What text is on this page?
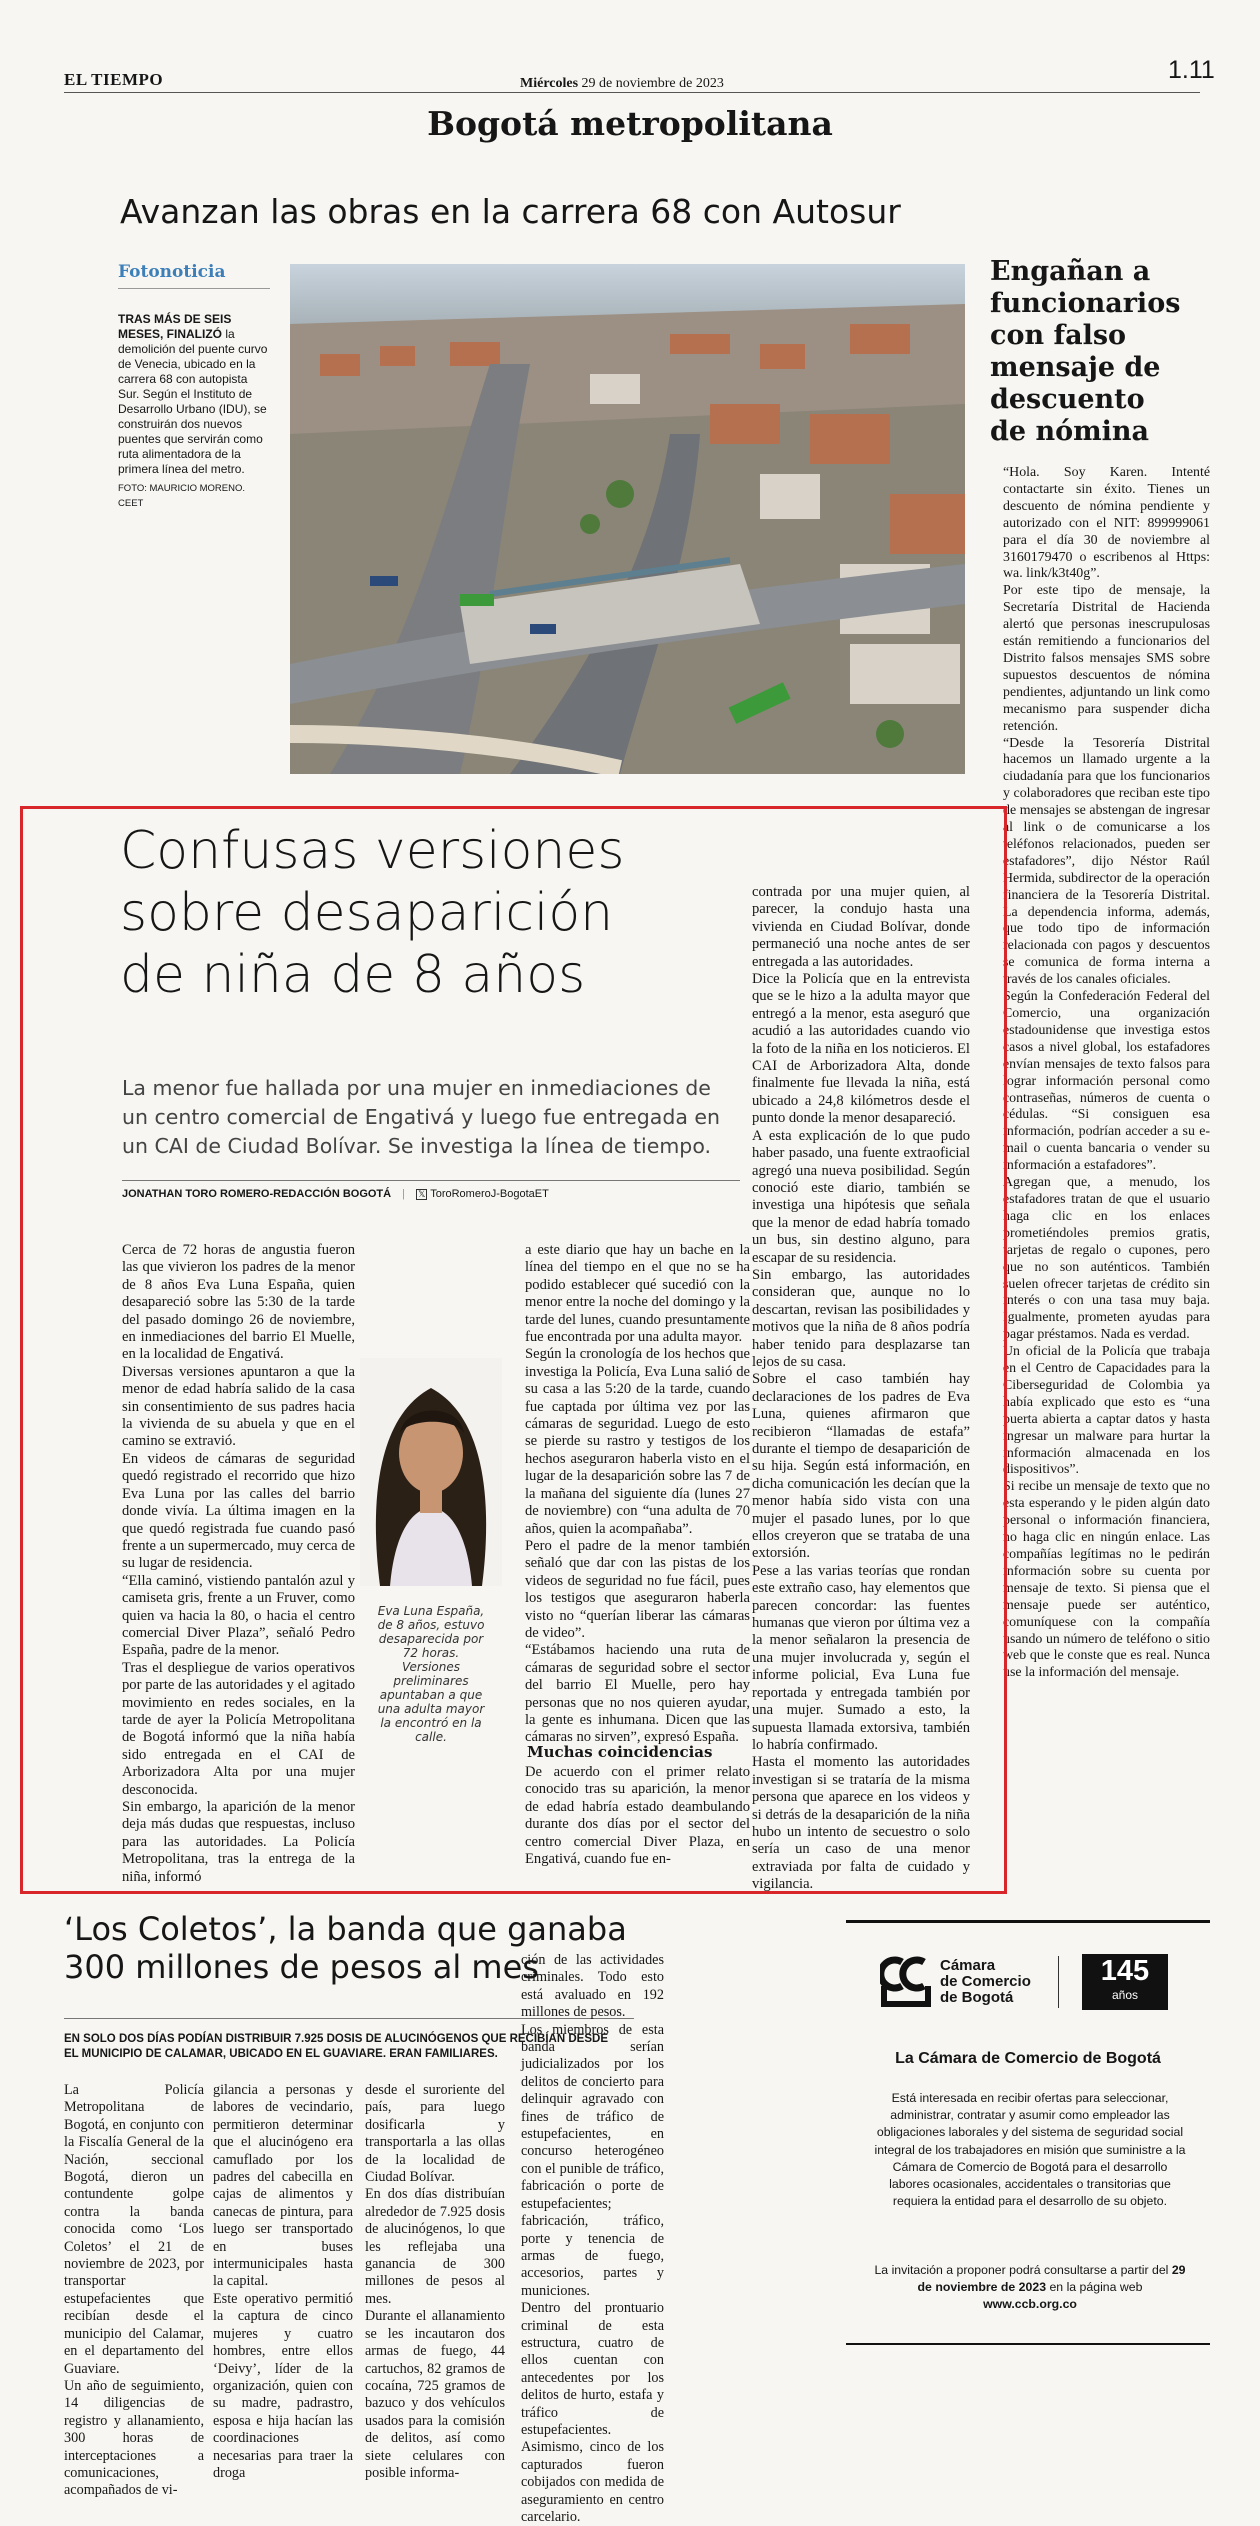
EL TIEMPO	Miércoles 29 de noviembre de 2023	1.11
Bogotá metropolitana
Avanzan las obras en la carrera 68 con Autosur
Fotonoticia
TRAS MÁS DE SEIS MESES, FINALIZÓ la demolición del puente curvo de Venecia, ubicado en la carrera 68 con autopista Sur. Según el Instituto de Desarrollo Urbano (IDU), se construirán dos nuevos puentes que servirán como ruta alimentadora de la primera línea del metro.
FOTO: MAURICIO MORENO. CEET
Engañan a
funcionarios
con falso
mensaje de
descuento
de nómina
“Hola. Soy Karen. Intenté contactarte sin éxito. Tienes un descuento de nómina pendiente y autorizado con el NIT: 899999061 para el día 30 de noviembre al 3160179470 o escribenos al Https: wa. link/k3t40g”.
Por este tipo de mensaje, la Secretaría Distrital de Hacienda alertó que personas inescrupulosas están remitiendo a funcionarios del Distrito falsos mensajes SMS sobre supuestos descuentos de nómina pendientes, adjuntando un link como mecanismo para suspender dicha retención.
“Desde la Tesorería Distrital hacemos un llamado urgente a la ciudadanía para que los funcionarios y colaboradores que reciban este tipo de mensajes se abstengan de ingresar al link o de comunicarse a los teléfonos relacionados, pueden ser estafadores”, dijo Néstor Raúl Hermida, subdirector de la operación financiera de la Tesorería Distrital. La dependencia informa, además, que todo tipo de información relacionada con pagos y descuentos se comunica de forma interna a través de los canales oficiales.
Según la Confederación Federal del Comercio, una organización estadounidense que investiga estos casos a nivel global, los estafadores envían mensajes de texto falsos para lograr información personal como contraseñas, números de cuenta o cédulas. “Si consiguen esa información, podrían acceder a su e-mail o cuenta bancaria o vender su información a estafadores”.
Agregan que, a menudo, los estafadores tratan de que el usuario haga clic en los enlaces prometiéndoles premios gratis, tarjetas de regalo o cupones, pero que no son auténticos. También suelen ofrecer tarjetas de crédito sin interés o con una tasa muy baja. Igualmente, prometen ayudas para pagar préstamos. Nada es verdad.
Un oficial de la Policía que trabaja en el Centro de Capacidades para la Ciberseguridad de Colombia ya había explicado que esto es “una puerta abierta a captar datos y hasta ingresar un malware para hurtar la información almacenada en los dispositivos”.
Si recibe un mensaje de texto que no esta esperando y le piden algún dato personal o información financiera, no haga clic en ningún enlace. Las compañías legítimas no le pedirán información sobre su cuenta por mensaje de texto. Si piensa que el mensaje puede ser auténtico, comuníquese con la compañía usando un número de teléfono o sitio web que le conste que es real. Nunca use la información del mensaje.
Confusas versiones
sobre desaparición
de niña de 8 años
La menor fue hallada por una mujer en inmediaciones de un centro comercial de Engativá y luego fue entregada en un CAI de Ciudad Bolívar. Se investiga la línea de tiempo.
JONATHAN TORO ROMERO-REDACCIÓN BOGOTÁ | 𝕏 ToroRomeroJ-BogotaET
Cerca de 72 horas de angustia fueron las que vivieron los padres de la menor de 8 años Eva Luna España, quien desapareció sobre las 5:30 de la tarde del pasado domingo 26 de noviembre, en inmediaciones del barrio El Muelle, en la localidad de Engativá.
Diversas versiones apuntaron a que la menor de edad habría salido de la casa sin consentimiento de sus padres hacia la vivienda de su abuela y que en el camino se extravió.
En videos de cámaras de seguridad quedó registrado el recorrido que hizo Eva Luna por las calles del barrio donde vivía. La última imagen en la que quedó registrada fue cuando pasó frente a un supermercado, muy cerca de su lugar de residencia.
“Ella caminó, vistiendo pantalón azul y camiseta gris, frente a un Fruver, como quien va hacia la 80, o hacia el centro comercial Diver Plaza”, señaló Pedro España, padre de la menor.
Tras el despliegue de varios operativos por parte de las autoridades y el agitado movimiento en redes sociales, en la tarde de ayer la Policía Metropolitana de Bogotá informó que la niña había sido entregada en el CAI de Arborizadora Alta por una mujer desconocida.
Sin embargo, la aparición de la menor deja más dudas que respuestas, incluso para las autoridades. La Policía Metropolitana, tras la entrega de la niña, informó
Eva Luna España, de 8 años, estuvo desaparecida por 72 horas. Versiones preliminares apuntaban a que una adulta mayor la encontró en la calle.
a este diario que hay un bache en la línea del tiempo en el que no se ha podido establecer qué sucedió con la menor entre la noche del domingo y la tarde del lunes, cuando presuntamente fue encontrada por una adulta mayor.
Según la cronología de los hechos que investiga la Policía, Eva Luna salió de su casa a las 5:20 de la tarde, cuando fue captada por última vez por las cámaras de seguridad. Luego de esto se pierde su rastro y testigos de los hechos aseguraron haberla visto en el lugar de la desaparición sobre las 7 de la mañana del siguiente día (lunes 27 de noviembre) con “una adulta de 70 años, quien la acompañaba”.
Pero el padre de la menor también señaló que dar con las pistas de los videos de seguridad no fue fácil, pues los testigos que aseguraron haberla visto no “querían liberar las cámaras de video”.
“Estábamos haciendo una ruta de cámaras de seguridad sobre el sector del barrio El Muelle, pero hay personas que no nos quieren ayudar, la gente es inhumana. Dicen que las cámaras no sirven”, expresó España.
Muchas coincidencias
De acuerdo con el primer relato conocido tras su aparición, la menor de edad habría estado deambulando durante dos días por el sector del centro comercial Diver Plaza, en Engativá, cuando fue en-
contrada por una mujer quien, al parecer, la condujo hasta una vivienda en Ciudad Bolívar, donde permaneció una noche antes de ser entregada a las autoridades.
Dice la Policía que en la entrevista que se le hizo a la adulta mayor que entregó a la menor, esta aseguró que acudió a las autoridades cuando vio la foto de la niña en los noticieros. El CAI de Arborizadora Alta, donde finalmente fue llevada la niña, está ubicado a 24,8 kilómetros desde el punto donde la menor desapareció.
A esta explicación de lo que pudo haber pasado, una fuente extraoficial agregó una nueva posibilidad. Según conoció este diario, también se investiga una hipótesis que señala que la menor de edad habría tomado un bus, sin destino alguno, para escapar de su residencia.
Sin embargo, las autoridades consideran que, aunque no lo descartan, revisan las posibilidades y motivos que la niña de 8 años podría haber tenido para desplazarse tan lejos de su casa.
Sobre el caso también hay declaraciones de los padres de Eva Luna, quienes afirmaron que recibieron “llamadas de estafa” durante el tiempo de desaparición de su hija. Según está información, en dicha comunicación les decían que la menor había sido vista con una mujer el pasado lunes, por lo que ellos creyeron que se trataba de una extorsión.
Pese a las varias teorías que rondan este extraño caso, hay elementos que parecen concordar: las fuentes humanas que vieron por última vez a la menor señalaron la presencia de una mujer involucrada y, según el informe policial, Eva Luna fue reportada y entregada también por una mujer. Sumado a esto, la supuesta llamada extorsiva, también lo habría confirmado.
Hasta el momento las autoridades investigan si se trataría de la misma persona que aparece en los videos y si detrás de la desaparición de la niña hubo un intento de secuestro o solo sería un caso de una menor extraviada por falta de cuidado y vigilancia.
‘Los Coletos’, la banda que ganaba
300 millones de pesos al mes
EN SOLO DOS DÍAS PODÍAN DISTRIBUIR 7.925 DOSIS DE ALUCINÓGENOS QUE RECIBÍAN DESDE EL MUNICIPIO DE CALAMAR, UBICADO EN EL GUAVIARE. ERAN FAMILIARES.
La Policía Metropolitana de Bogotá, en conjunto con la Fiscalía General de la Nación, seccional Bogotá, dieron un contundente golpe contra la banda conocida como ‘Los Coletos’ el 21 de noviembre de 2023, por transportar estupefacientes que recibían desde el municipio del Calamar, en el departamento del Guaviare.
Un año de seguimiento, 14 diligencias de registro y allanamiento, 300 horas de interceptaciones a comunicaciones, acompañados de vi-
gilancia a personas y labores de vecindario, permitieron determinar que el alucinógeno era camuflado por los padres del cabecilla en cajas de alimentos y canecas de pintura, para luego ser transportado en buses intermunicipales hasta la capital.
Este operativo permitió la captura de cinco mujeres y cuatro hombres, entre ellos ‘Deivy’, líder de la organización, quien con su madre, padrastro, esposa e hija hacían las coordinaciones necesarias para traer la droga
desde el suroriente del país, para luego dosificarla y transportarla a las ollas de la localidad de Ciudad Bolívar.
En dos días distribuían alrededor de 7.925 dosis de alucinógenos, lo que les reflejaba una ganancia de 300 millones de pesos al mes.
Durante el allanamiento se les incautaron dos armas de fuego, 44 cartuchos, 82 gramos de cocaína, 725 gramos de bazuco y dos vehículos usados para la comisión de delitos, así como siete celulares con posible informa-
ción de las actividades criminales. Todo esto está avaluado en 192 millones de pesos.
Los miembros de esta banda serían judicializados por los delitos de concierto para delinquir agravado con fines de tráfico de estupefacientes, en concurso heterogéneo con el punible de tráfico, fabricación o porte de estupefacientes; fabricación, tráfico, porte y tenencia de armas de fuego, accesorios, partes y municiones.
Dentro del prontuario criminal de esta estructura, cuatro de ellos cuentan con antecedentes por los delitos de hurto, estafa y tráfico de estupefacientes. Asimismo, cinco de los capturados fueron cobijados con medida de aseguramiento en centro carcelario.
Cámara
de Comercio
de Bogotá
145
años
La Cámara de Comercio de Bogotá
Está interesada en recibir ofertas para seleccionar, administrar, contratar y asumir como empleador las obligaciones laborales y del sistema de seguridad social integral de los trabajadores en misión que suministre a la Cámara de Comercio de Bogotá para el desarrollo labores ocasionales, accidentales o transitorias que requiera la entidad para el desarrollo de su objeto.
La invitación a proponer podrá consultarse a partir del 29 de noviembre de 2023 en la página web
www.ccb.org.co
